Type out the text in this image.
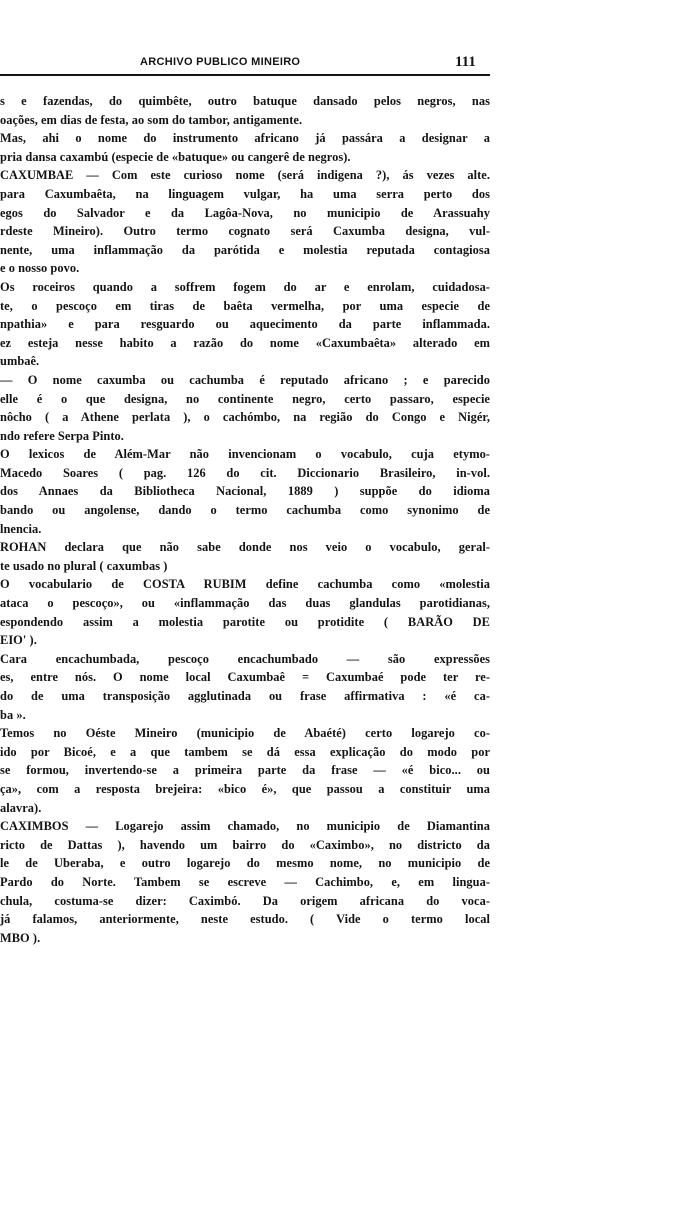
ARCHIVO PUBLICO MINEIRO	111
s e fazendas, do quimbête, outro batuque dansado pelos negros, nas
oações, em dias de festa, ao som do tambor, antigamente.
Mas, ahi o nome do instrumento africano já passára a designar a
pria dansa caxambú (especie de «batuque» ou cangerê de negros).
CAXUMBAE — Com este curioso nome (será indigena ?), ás vezes alte.
para Caxumbaêta, na linguagem vulgar, ha uma serra perto dos
egos do Salvador e da Lagôa-Nova, no municipio de Arassuahy
rdeste Mineiro). Outro termo cognato será Caxumba designa, vul-
nente, uma inflammação da parótida e molestia reputada contagiosa
e o nosso povo.
Os roceiros quando a soffrem fogem do ar e enrolam, cuidadosa-
te, o pescoço em tiras de baêta vermelha, por uma especie de
npathia» e para resguardo ou aquecimento da parte inflammada.
ez esteja nesse habito a razão do nome «Caxumbaêta» alterado em
umbaê.
— O nome caxumba ou cachumba é reputado africano ; e parecido
elle é o que designa, no continente negro, certo passaro, especie
nôcho ( a Athene perlata ), o cachómbo, na região do Congo e Nigér,
ndo refere Serpa Pinto.
O lexicos de Além-Mar não invencionam o vocabulo, cuja etymo-
Macedo Soares ( pag. 126 do cit. Diccionario Brasileiro, in-vol.
dos Annaes da Bibliotheca Nacional, 1889 ) suppõe do idioma
bando ou angolense, dando o termo cachumba como synonimo de
lnencia.
ROHAN declara que não sabe donde nos veio o vocabulo, geral-
te usado no plural ( caxumbas )
O vocabulario de COSTA RUBIM define cachumba como «molestia
ataca o pescoço», ou «inflammação das duas glandulas parotidianas,
espondendo assim a molestia parotite ou protidite ( BARÃO DE
EIO' ).
Cara encachumbada, pescoço encachumbado — são expressões
es, entre nós. O nome local Caxumbaê = Caxumbaé pode ter re-
do de uma transposição agglutinada ou frase affirmativa : «é ca-
ba ».
Temos no Oéste Mineiro (municipio de Abaété) certo logarejo co-
ido por Bicoé, e a que tambem se dá essa explicação do modo por
se formou, invertendo-se a primeira parte da frase — «é bico... ou
ça», com a resposta brejeira: «bico é», que passou a constituir uma
alavra).
CAXIMBOS — Logarejo assim chamado, no municipio de Diamantina
ricto de Dattas ), havendo um bairro do «Caximbo», no districto da
le de Uberaba, e outro logarejo do mesmo nome, no municipio de
Pardo do Norte. Tambem se escreve — Cachimbo, e, em lingua-
chula, costuma-se dizer: Caximbó. Da origem africana do voca-
já falamos, anteriormente, neste estudo. ( Vide o termo local
MBO ).
